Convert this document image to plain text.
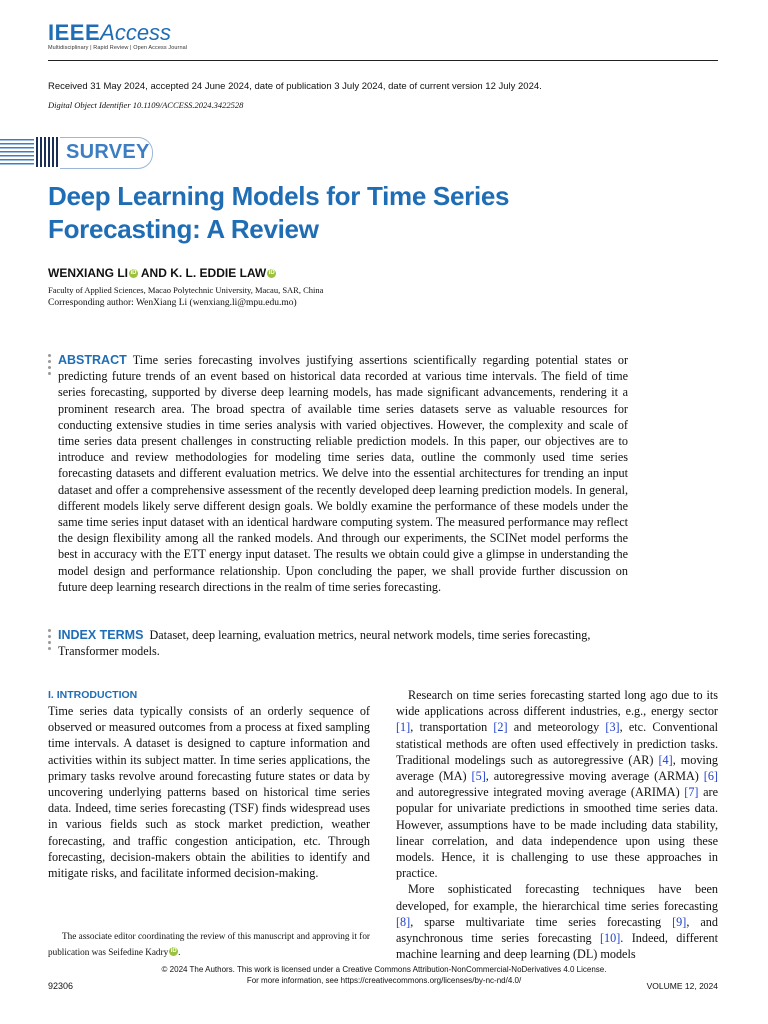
IEEEAccess
Multidisciplinary | Rapid Review | Open Access Journal
Received 31 May 2024, accepted 24 June 2024, date of publication 3 July 2024, date of current version 12 July 2024.
Digital Object Identifier 10.1109/ACCESS.2024.3422528
SURVEY
Deep Learning Models for Time Series Forecasting: A Review
WENXIANG LI iD AND K. L. EDDIE LAW iD
Faculty of Applied Sciences, Macao Polytechnic University, Macau, SAR, China
Corresponding author: WenXiang Li (wenxiang.li@mpu.edu.mo)
ABSTRACT Time series forecasting involves justifying assertions scientifically regarding potential states or predicting future trends of an event based on historical data recorded at various time intervals. The field of time series forecasting, supported by diverse deep learning models, has made significant advancements, rendering it a prominent research area. The broad spectra of available time series datasets serve as valuable resources for conducting extensive studies in time series analysis with varied objectives. However, the complexity and scale of time series data present challenges in constructing reliable prediction models. In this paper, our objectives are to introduce and review methodologies for modeling time series data, outline the commonly used time series forecasting datasets and different evaluation metrics. We delve into the essential architectures for trending an input dataset and offer a comprehensive assessment of the recently developed deep learning prediction models. In general, different models likely serve different design goals. We boldly examine the performance of these models under the same time series input dataset with an identical hardware computing system. The measured performance may reflect the design flexibility among all the ranked models. And through our experiments, the SCINet model performs the best in accuracy with the ETT energy input dataset. The results we obtain could give a glimpse in understanding the model design and performance relationship. Upon concluding the paper, we shall provide further discussion on future deep learning research directions in the realm of time series forecasting.
INDEX TERMS Dataset, deep learning, evaluation metrics, neural network models, time series forecasting, Transformer models.
I. INTRODUCTION
Time series data typically consists of an orderly sequence of observed or measured outcomes from a process at fixed sampling time intervals. A dataset is designed to capture information and activities within its subject matter. In time series applications, the primary tasks revolve around forecasting future states or data by uncovering underlying patterns based on historical time series data. Indeed, time series forecasting (TSF) finds widespread uses in various fields such as stock market prediction, weather forecasting, and traffic congestion anticipation, etc. Through forecasting, decision-makers obtain the abilities to identify and mitigate risks, and facilitate informed decision-making.

Research on time series forecasting started long ago due to its wide applications across different industries, e.g., energy sector [1], transportation [2] and meteorology [3], etc. Conventional statistical methods are often used effectively in prediction tasks. Traditional modelings such as autoregressive (AR) [4], moving average (MA) [5], autoregressive moving average (ARMA) [6] and autoregressive integrated moving average (ARIMA) [7] are popular for univariate predictions in smoothed time series data. However, assumptions have to be made including data stability, linear correlation, and data independence upon using these models. Hence, it is challenging to use these approaches in practice.

More sophisticated forecasting techniques have been developed, for example, the hierarchical time series forecasting [8], sparse multivariate time series forecasting [9], and asynchronous time series forecasting [10]. Indeed, different machine learning and deep learning (DL) models

The associate editor coordinating the review of this manuscript and approving it for publication was Seifedine Kadry iD .
© 2024 The Authors. This work is licensed under a Creative Commons Attribution-NonCommercial-NoDerivatives 4.0 License.
For more information, see https://creativecommons.org/licenses/by-nc-nd/4.0/
92306	VOLUME 12, 2024
